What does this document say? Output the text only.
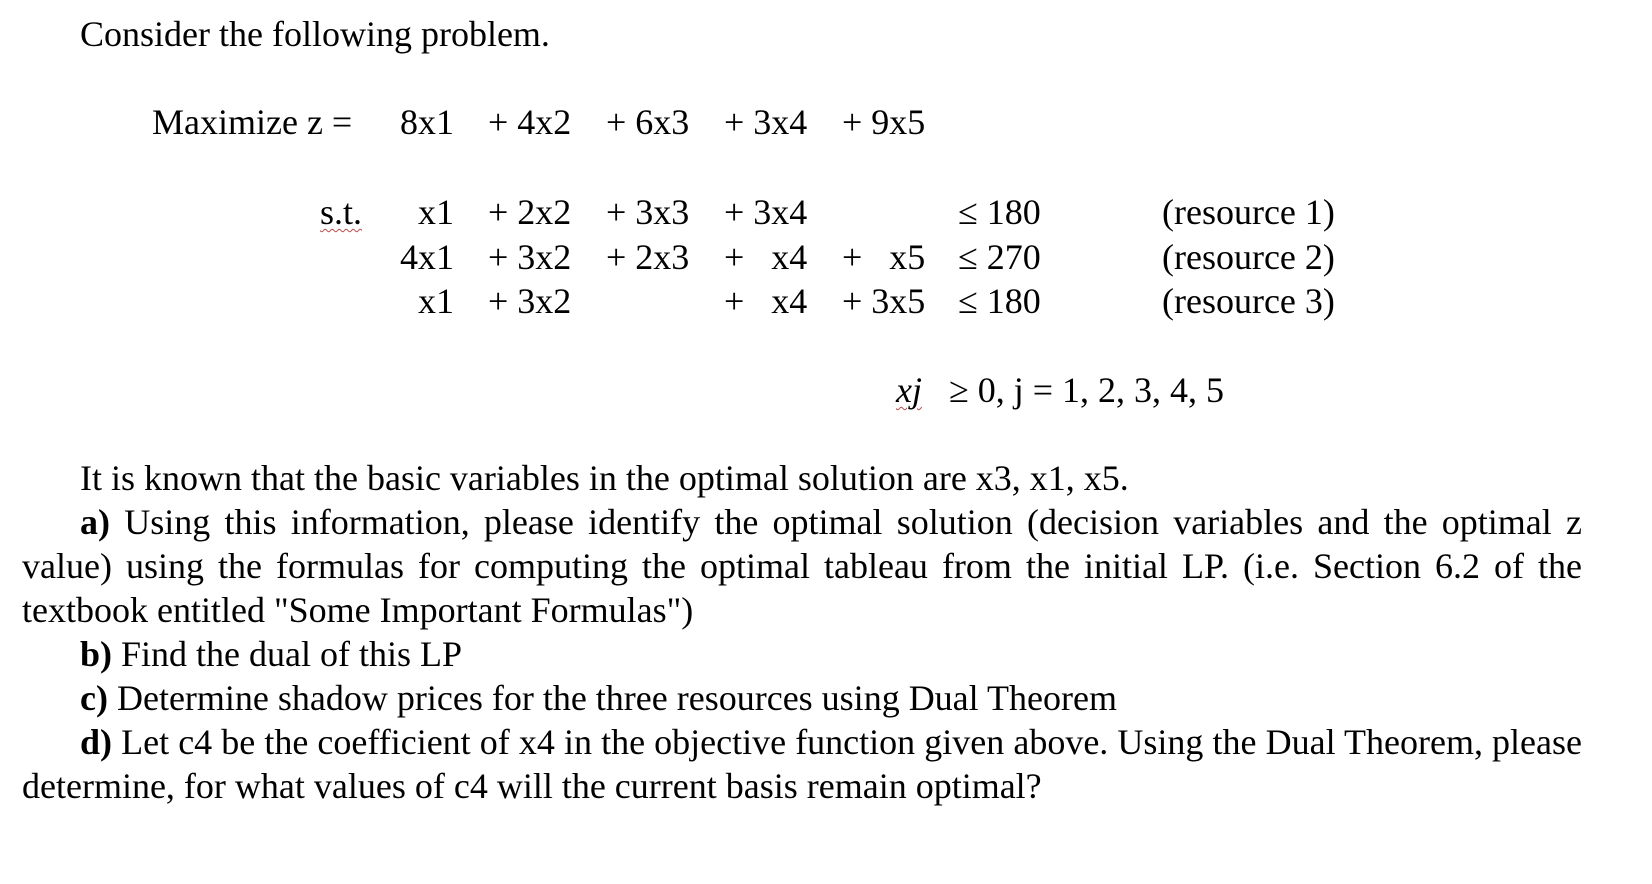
Consider the following problem.
Maximize z = 8x1 + 4x2 + 6x3 + 3x4 + 9x5
s.t. x1 + 2x2 + 3x3 + 3x4	≤ 180	(resource 1)
4x1 + 3x2 + 2x3 +   x4 +   x5 ≤ 270	(resource 2)
x1 + 3x2	+   x4 + 3x5 ≤ 180	(resource 3)
xj ≥ 0, j = 1, 2, 3, 4, 5
It is known that the basic variables in the optimal solution are x3, x1, x5.
a) Using this information, please identify the optimal solution (decision variables and the optimal z value) using the formulas for computing the optimal tableau from the initial LP. (i.e. Section 6.2 of the textbook entitled "Some Important Formulas")
b) Find the dual of this LP
c) Determine shadow prices for the three resources using Dual Theorem
d) Let c4 be the coefficient of x4 in the objective function given above. Using the Dual Theorem, please determine, for what values of c4 will the current basis remain optimal?
